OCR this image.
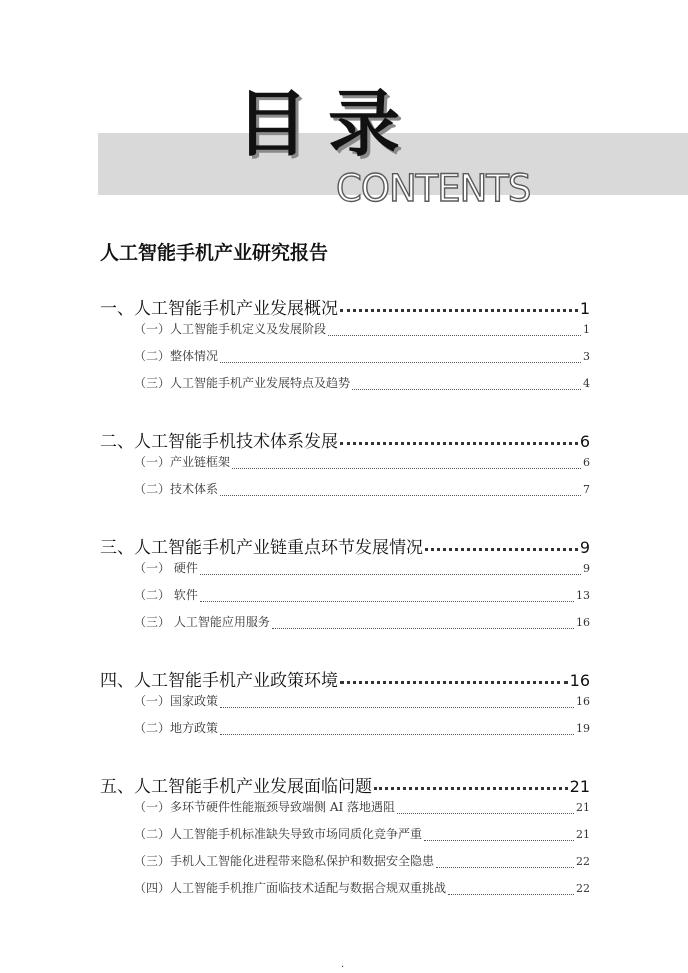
目录
CONTENTS
人工智能手机产业研究报告
一、人工智能手机产业发展概况	1
（一）人工智能手机定义及发展阶段	1
（二）整体情况	3
（三）人工智能手机产业发展特点及趋势	4
二、人工智能手机技术体系发展	6
（一）产业链框架	6
（二）技术体系	7
三、人工智能手机产业链重点环节发展情况	9
（一） 硬件	9
（二） 软件	13
（三） 人工智能应用服务	16
四、人工智能手机产业政策环境	16
（一）国家政策	16
（二）地方政策	19
五、人工智能手机产业发展面临问题	21
（一）多环节硬件性能瓶颈导致端侧 AI 落地遇阻	21
（二）人工智能手机标准缺失导致市场同质化竞争严重	21
（三）手机人工智能化进程带来隐私保护和数据安全隐患	22
（四）人工智能手机推广面临技术适配与数据合规双重挑战	22
·
